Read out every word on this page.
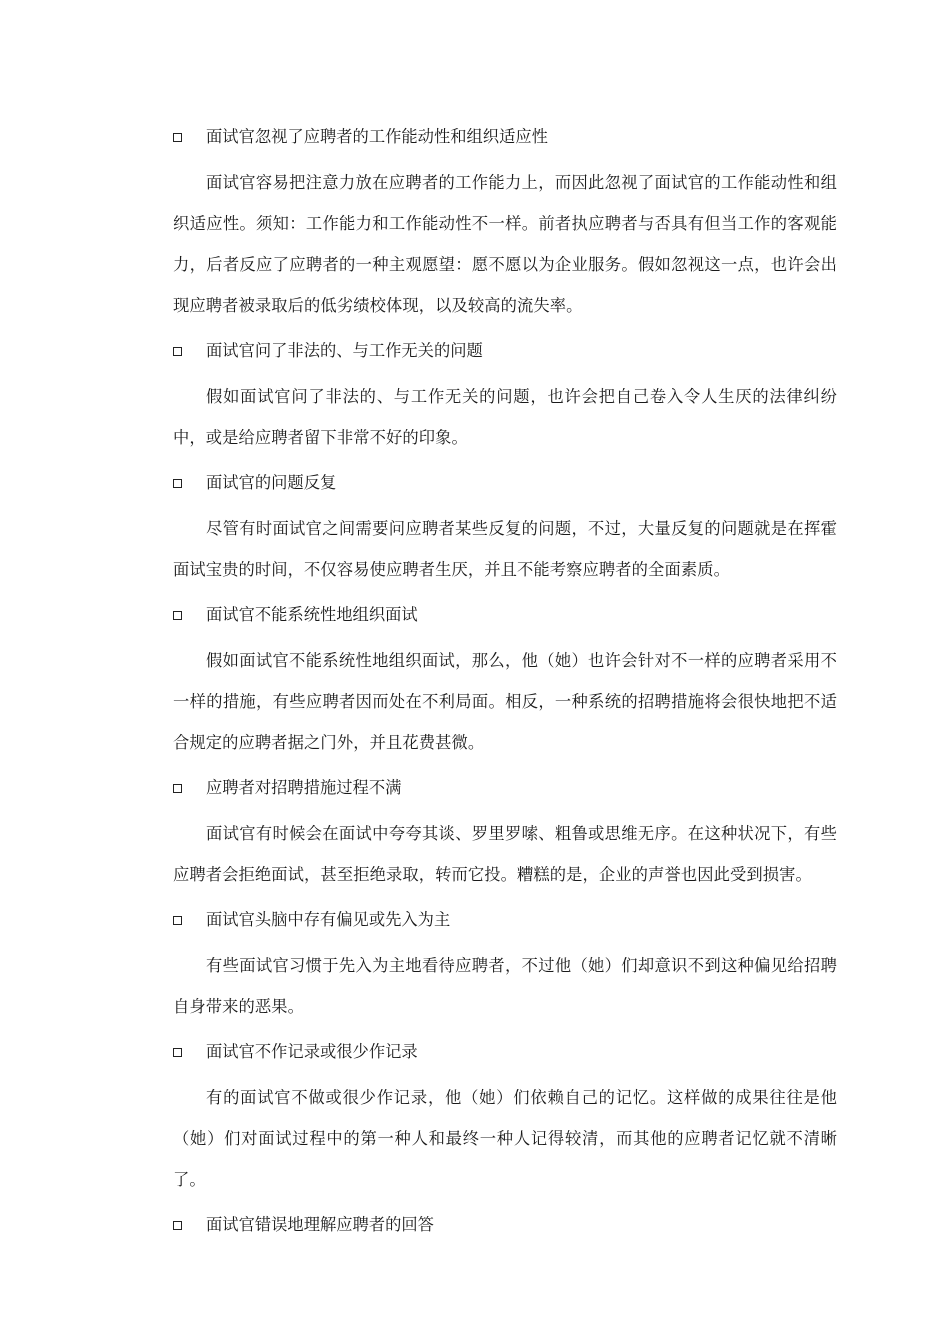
面试官忽视了应聘者的工作能动性和组织适应性

面试官容易把注意力放在应聘者的工作能力上，而因此忽视了面试官的工作能动性和组织适应性。须知：工作能力和工作能动性不一样。前者执应聘者与否具有但当工作的客观能力，后者反应了应聘者的一种主观愿望：愿不愿以为企业服务。假如忽视这一点，也许会出现应聘者被录取后的低劣绩校体现，以及较高的流失率。

面试官问了非法的、与工作无关的问题

假如面试官问了非法的、与工作无关的问题，也许会把自己卷入令人生厌的法律纠纷中，或是给应聘者留下非常不好的印象。

面试官的问题反复

尽管有时面试官之间需要问应聘者某些反复的问题，不过，大量反复的问题就是在挥霍面试宝贵的时间，不仅容易使应聘者生厌，并且不能考察应聘者的全面素质。

面试官不能系统性地组织面试

假如面试官不能系统性地组织面试，那么，他（她）也许会针对不一样的应聘者采用不一样的措施，有些应聘者因而处在不利局面。相反，一种系统的招聘措施将会很快地把不适合规定的应聘者据之门外，并且花费甚微。

应聘者对招聘措施过程不满

面试官有时候会在面试中夸夸其谈、罗里罗嗦、粗鲁或思维无序。在这种状况下，有些应聘者会拒绝面试，甚至拒绝录取，转而它投。糟糕的是，企业的声誉也因此受到损害。

面试官头脑中存有偏见或先入为主

有些面试官习惯于先入为主地看待应聘者，不过他（她）们却意识不到这种偏见给招聘自身带来的恶果。

面试官不作记录或很少作记录

有的面试官不做或很少作记录，他（她）们依赖自己的记忆。这样做的成果往往是他（她）们对面试过程中的第一种人和最终一种人记得较清，而其他的应聘者记忆就不清晰了。

面试官错误地理解应聘者的回答
